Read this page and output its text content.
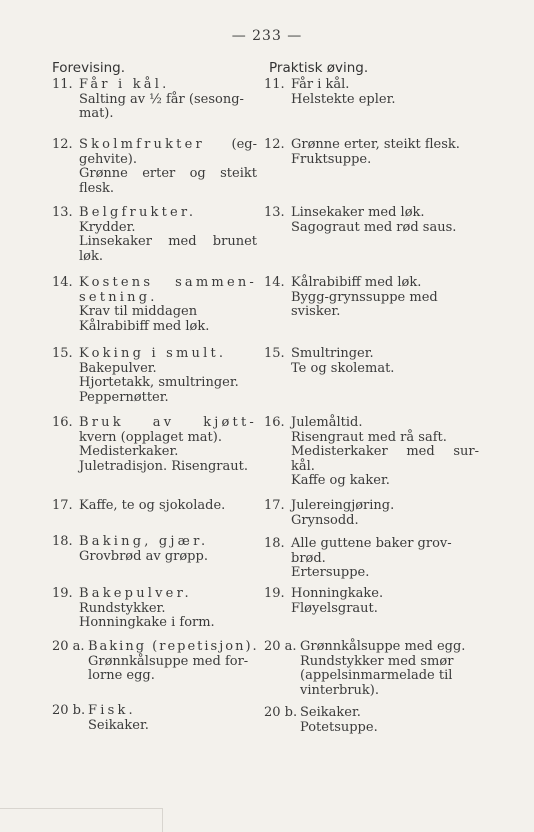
— 233 —
Forevising.
11. Får i kål.
Salting av ½ får (sesong-
mat).
12. Skolmfrukter (eg-
gehvite).
Grønne erter og steikt
flesk.
13. Belgfrukter.
Krydder.
Linsekaker med brunet
løk.
14. Kostens sammen-
setning.
Krav til middagen
Kålrabibiff med løk.
15. Koking i smult.
Bakepulver.
Hjortetakk, smultringer.
Peppernøtter.
16. Bruk av kjøtt-
kvern (opplaget mat).
Medisterkaker.
Juletradisjon. Risengraut.
17. Kaffe, te og sjokolade.
18. Baking, gjær.
Grovbrød av grøpp.
19. Bakepulver.
Rundstykker.
Honningkake i form.
20 a. Baking (repetisjon).
Grønnkålsuppe med for-
lorne egg.
20 b. Fisk.
Seikaker.
Praktisk øving.
11. Får i kål.
Helstekte epler.
12. Grønne erter, steikt flesk.
Fruktsuppe.
13. Linsekaker med løk.
Sagograut med rød saus.
14. Kålrabibiff med løk.
Bygg-grynssuppe med
svisker.
15. Smultringer.
Te og skolemat.
16. Julemåltid.
Risengraut med rå saft.
Medisterkaker med sur-
kål.
Kaffe og kaker.
17. Julereingjøring.
Grynsodd.
18. Alle guttene baker grov-
brød.
Ertersuppe.
19. Honningkake.
Fløyelsgraut.
20 a. Grønnkålsuppe med egg.
Rundstykker med smør
(appelsinmarmelade til
vinterbruk).
20 b. Seikaker.
Potetsuppe.
